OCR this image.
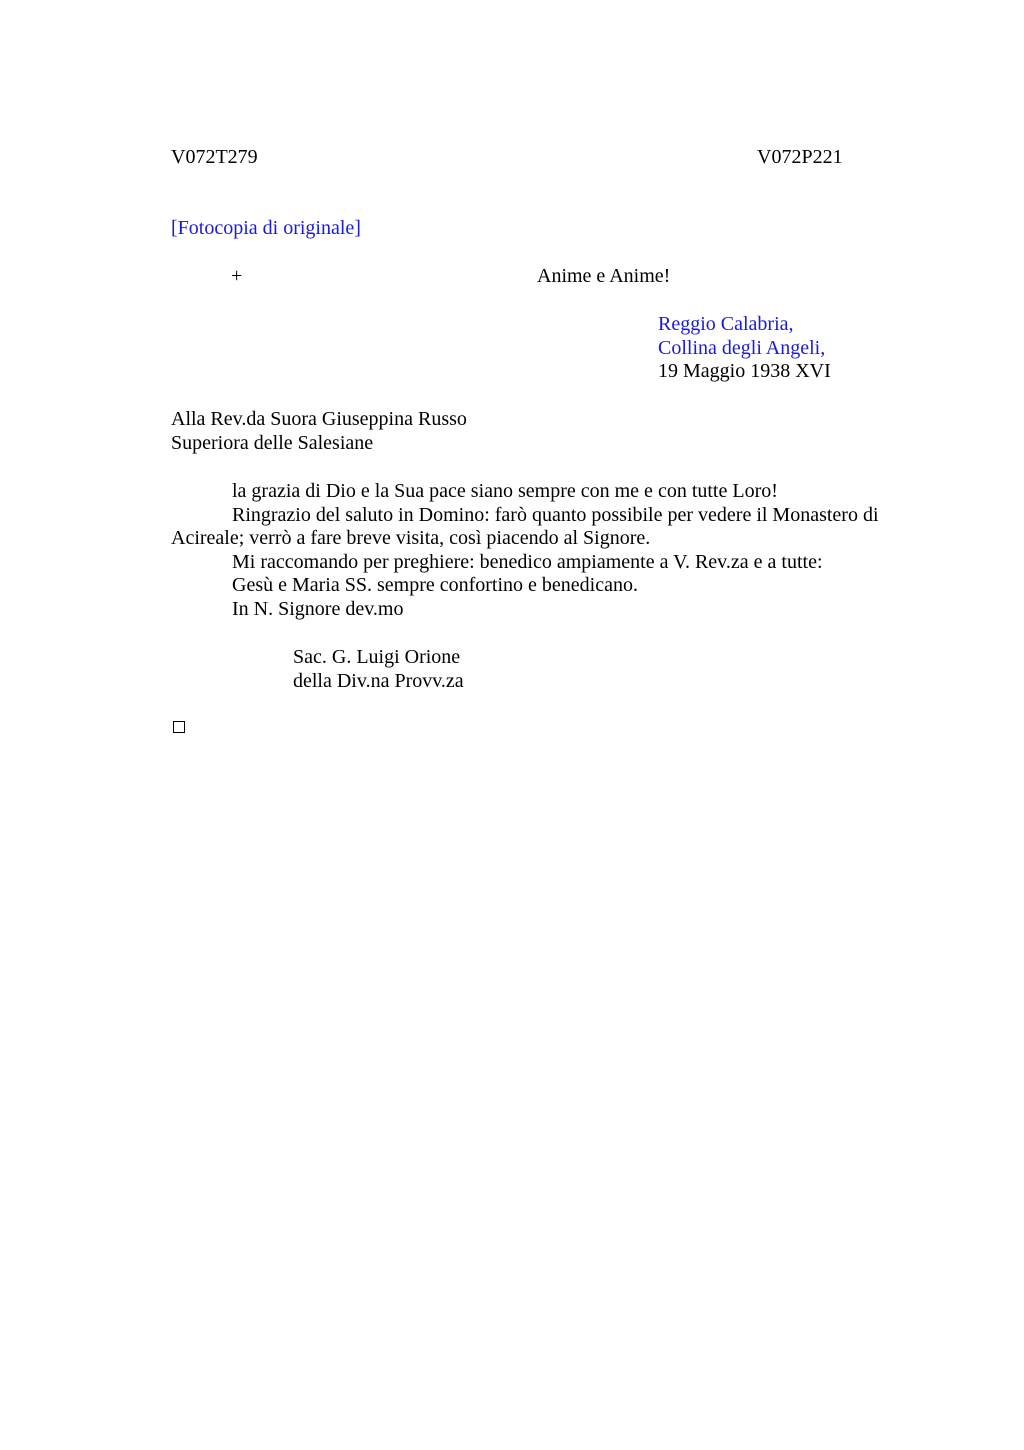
V072T279	V072P221
[Fotocopia di originale]
+	Anime e Anime!
Reggio Calabria,
Collina degli Angeli,
19 Maggio 1938 XVI
Alla Rev.da Suora Giuseppina Russo
Superiora delle Salesiane
la grazia di Dio e la Sua pace siano sempre con me e con tutte Loro!
Ringrazio del saluto in Domino: farò quanto possibile per vedere il Monastero di
Acireale; verrò a fare breve visita, così piacendo al Signore.
Mi raccomando per preghiere: benedico ampiamente a V. Rev.za e a tutte:
Gesù e Maria SS. sempre confortino e benedicano.
In N. Signore dev.mo
Sac. G. Luigi Orione
della Div.na Provv.za
